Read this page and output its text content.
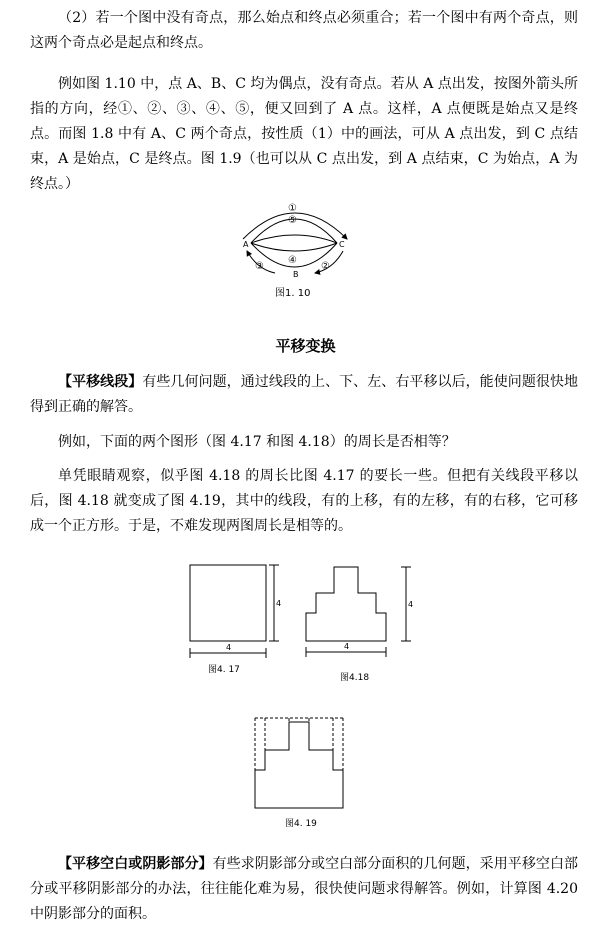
（2）若一个图中没有奇点，那么始点和终点必须重合；若一个图中有两个奇点，则这两个奇点必是起点和终点。

例如图 1.10 中，点 A、B、C 均为偶点，没有奇点。若从 A 点出发，按图外箭头所指的方向，经①、②、③、④、⑤，便又回到了 A 点。这样，A 点便既是始点又是终点。而图 1.8 中有 A、C 两个奇点，按性质（1）中的画法，可从 A 点出发，到 C 点结束，A 是始点，C 是终点。图 1.9（也可以从 C 点出发，到 A 点结束，C 为始点，A 为终点。）

A	C
B
①
⑤
④
③	②
图1. 10

平移变换

【平移线段】有些几何问题，通过线段的上、下、左、右平移以后，能使问题很快地得到正确的解答。

例如，下面的两个图形（图 4.17 和图 4.18）的周长是否相等？

单凭眼睛观察，似乎图 4.18 的周长比图 4.17 的要长一些。但把有关线段平移以后，图 4.18 就变成了图 4.19，其中的线段，有的上移，有的左移，有的右移，它可移成一个正方形。于是，不难发现两图周长是相等的。

4
4
图4. 17
4
4
图4.18
图4. 19

【平移空白或阴影部分】有些求阴影部分或空白部分面积的几何题，采用平移空白部分或平移阴影部分的办法，往往能化难为易，很快使问题求得解答。例如，计算图 4.20 中阴影部分的面积。
